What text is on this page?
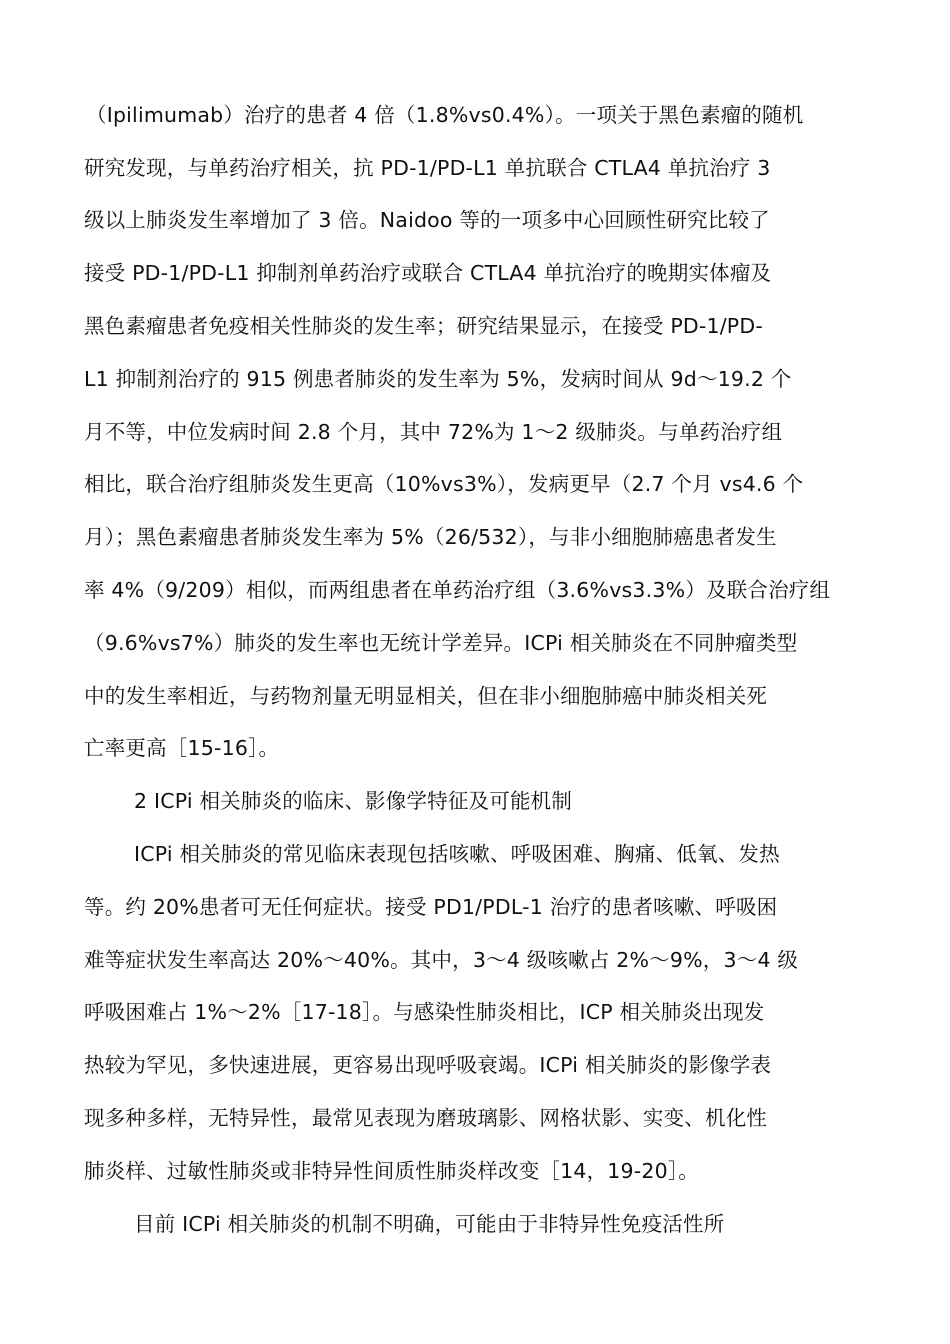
（Ipilimumab）治疗的患者 4 倍（1.8%vs0.4%）。一项关于黑色素瘤的随机
研究发现，与单药治疗相关，抗 PD-1/PD-L1 单抗联合 CTLA4 单抗治疗 3
级以上肺炎发生率增加了 3 倍。Naidoo 等的一项多中心回顾性研究比较了
接受 PD-1/PD-L1 抑制剂单药治疗或联合 CTLA4 单抗治疗的晚期实体瘤及
黑色素瘤患者免疫相关性肺炎的发生率；研究结果显示，在接受 PD-1/PD-
L1 抑制剂治疗的 915 例患者肺炎的发生率为 5%，发病时间从 9d～19.2 个
月不等，中位发病时间 2.8 个月，其中 72%为 1～2 级肺炎。与单药治疗组
相比，联合治疗组肺炎发生更高（10%vs3%），发病更早（2.7 个月 vs4.6 个
月）；黑色素瘤患者肺炎发生率为 5%（26/532），与非小细胞肺癌患者发生
率 4%（9/209）相似，而两组患者在单药治疗组（3.6%vs3.3%）及联合治疗组
（9.6%vs7%）肺炎的发生率也无统计学差异。ICPi 相关肺炎在不同肿瘤类型
中的发生率相近，与药物剂量无明显相关，但在非小细胞肺癌中肺炎相关死
亡率更高［15-16］。
2 ICPi 相关肺炎的临床、影像学特征及可能机制
ICPi 相关肺炎的常见临床表现包括咳嗽、呼吸困难、胸痛、低氧、发热
等。约 20%患者可无任何症状。接受 PD1/PDL-1 治疗的患者咳嗽、呼吸困
难等症状发生率高达 20%～40%。其中，3～4 级咳嗽占 2%～9%，3～4 级
呼吸困难占 1%～2%［17-18］。与感染性肺炎相比，ICP 相关肺炎出现发
热较为罕见，多快速进展，更容易出现呼吸衰竭。ICPi 相关肺炎的影像学表
现多种多样，无特异性，最常见表现为磨玻璃影、网格状影、实变、机化性
肺炎样、过敏性肺炎或非特异性间质性肺炎样改变［14，19-20］。
目前 ICPi 相关肺炎的机制不明确，可能由于非特异性免疫活性所
